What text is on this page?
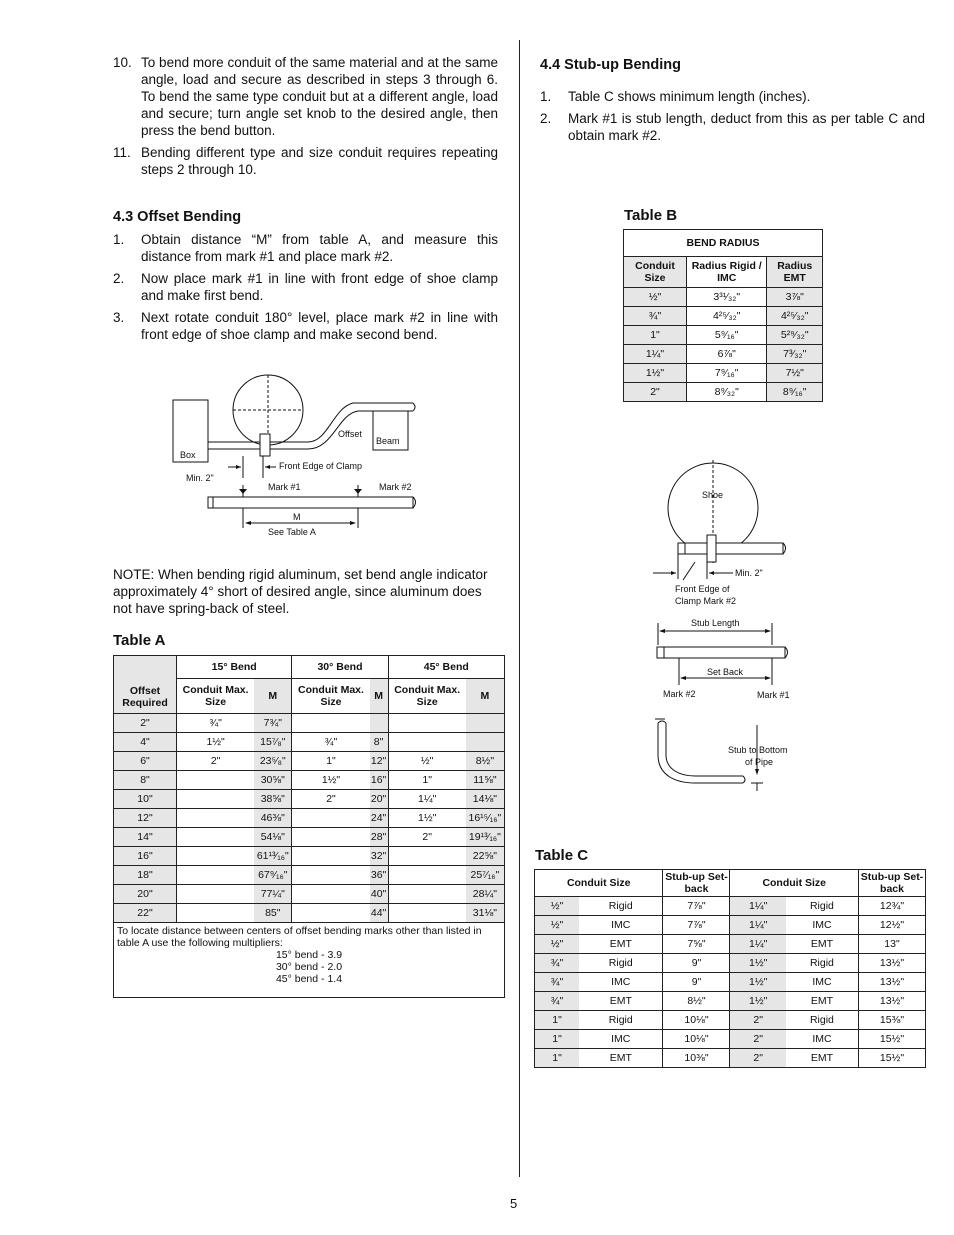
10. To bend more conduit of the same material and at the same angle, load and secure as described in steps 3 through 6. To bend the same type conduit but at a different angle, load and secure; turn angle set knob to the desired angle, then press the bend button.
11. Bending different type and size conduit requires repeating steps 2 through 10.
4.3 Offset Bending
1.	Obtain distance “M” from table A, and measure this distance from mark #1 and place mark #2.
2.	Now place mark #1 in line with front edge of shoe clamp and make first bend.
3.	Next rotate conduit 180° level, place mark #2 in line with front edge of shoe clamp and make second bend.
Box
Beam
Offset
Min. 2"
Front Edge of Clamp
Mark #1	Mark #2
M
See Table A
NOTE: When bending rigid aluminum, set bend angle indicator approximately 4° short of desired angle, since aluminum does not have spring-back of steel.
Table A
Offset Required	15° Bend		30° Bend		45° Bend	
	Conduit Max. Size	M	Conduit Max. Size	M	Conduit Max. Size	M
2"	¾"	7¾"				
4"	1½"	15⁷⁄₈"	¾"	8"		
6"	2"	23⁵⁄₈"	1"	12"	½"	8½"
8"		30⅝"	1½"	16"	1"	11⅝"
10"		38⅝"	2"	20"	1¼"	14⅛"
12"		46⅜"		24"	1½"	16¹⁵⁄₁₆"
14"		54⅛"		28"	2"	19¹³⁄₁₆"
16"		61¹³⁄₁₆"		32"		22⅝"
18"		67⁹⁄₁₆"		36"		25⁷⁄₁₆"
20"		77¼"		40"		28¼"
22"		85"		44"		31⅛"

To locate distance between centers of offset bending marks other than listed in table A use the following multipliers:
15° bend - 3.9
30° bend - 2.0
45° bend - 1.4						
4.4 Stub-up Bending
1.	Table C shows minimum length (inches).
2.	Mark #1 is stub length, deduct from this as per table C and obtain mark #2.
Table B
BEND RADIUS		
Conduit Size	Radius Rigid / IMC	Radius EMT
½"	3³¹⁄₃₂"	3⅞"
¾"	4²⁵⁄₃₂"	4²⁵⁄₃₂"
1"	5⁹⁄₁₆"	5²⁹⁄₃₂"
1¼"	6⅞"	7³⁄₃₂"
1½"	7⁹⁄₁₆"	7½"
2"	8⁹⁄₃₂"	8⁹⁄₁₆"
Shoe
Min. 2"
Front Edge of
Clamp Mark #2
Stub Length
Set Back
Mark #2	Mark #1
Stub to Bottom
of Pipe
Table C
Conduit Size		Stub-up Set-back	Conduit Size		Stub-up Set-back
½"	Rigid	7⅞"	1¼"	Rigid	12¾"
½"	IMC	7⅞"	1¼"	IMC	12½"
½"	EMT	7⅝"	1¼"	EMT	13"
¾"	Rigid	9"	1½"	Rigid	13½"
¾"	IMC	9"	1½"	IMC	13½"
¾"	EMT	8½"	1½"	EMT	13½"
1"	Rigid	10⅛"	2"	Rigid	15⅜"
1"	IMC	10⅛"	2"	IMC	15½"
1"	EMT	10⅜"	2"	EMT	15½"
5
